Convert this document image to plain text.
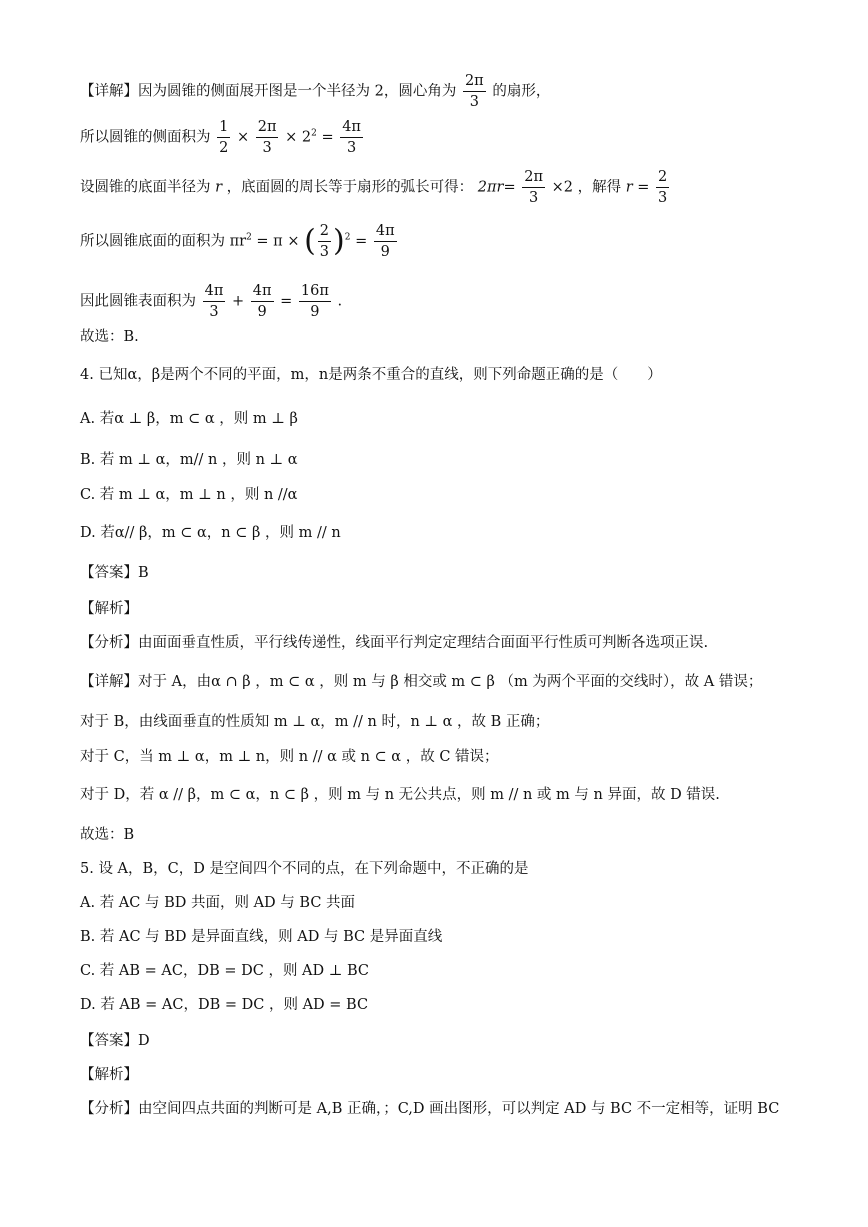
【详解】因为圆锥的侧面展开图是一个半径为 2，圆心角为 $\frac{2\pi}{3}$ 的扇形，
所以圆锥的侧面积为 $\frac{1}{2} \times \frac{2\pi}{3} \times 2^2 = \frac{4\pi}{3}$
设圆锥的底面半径为 r ，底面圆的周长等于扇形的弧长可得： $2\pi r= \frac{2\pi}{3} \times 2$ ，解得 $r = \frac{2}{3}$
所以圆锥底面的面积为 $\pi r^2 = \pi$ × ( $\frac{2}{3} )^2 = \frac{4\pi}{9}$
因此圆锥表面积为 $\frac{4\pi}{3} + \frac{4\pi}{9} = \frac{16\pi}{9}$ .
故选：B.
4. 已知α，β是两个不同的平面，m，n是两条不重合的直线，则下列命题正确的是（　　）
A. 若α ⊥ β，m ⊂ α ，则 m ⊥ β
B. 若 m ⊥ α，m// n ，则 n ⊥ α
C. 若 m ⊥ α，m ⊥ n ，则 n //α
D. 若α// β，m ⊂ α，n ⊂ β ，则 m // n
【答案】B
【解析】
【分析】由面面垂直性质，平行线传递性，线面平行判定定理结合面面平行性质可判断各选项正误.
【详解】对于 A，由α ∩ β ，m ⊂ α ，则 m 与 β 相交或 m ⊂ β （m 为两个平面的交线时），故 A 错误；
对于 B，由线面垂直的性质知 m ⊥ α，m // n 时，n ⊥ α ，故 B 正确；
对于 C，当 m ⊥ α，m ⊥ n，则 n // α 或 n ⊂ α ，故 C 错误；
对于 D，若 α // β，m ⊂ α，n ⊂ β ，则 m 与 n 无公共点，则 m // n 或 m 与 n 异面，故 D 错误.
故选：B
5. 设 A，B，C，D 是空间四个不同的点，在下列命题中，不正确的是
A. 若 AC 与 BD 共面，则 AD 与 BC 共面
B. 若 AC 与 BD 是异面直线，则 AD 与 BC 是异面直线
C. 若 AB = AC，DB = DC ，则 AD ⊥ BC
D. 若 AB = AC，DB = DC ，则 AD = BC
【答案】D
【解析】
【分析】由空间四点共面的判断可是 A,B 正确，；C,D 画出图形，可以判定 AD 与 BC 不一定相等，证明 BC
